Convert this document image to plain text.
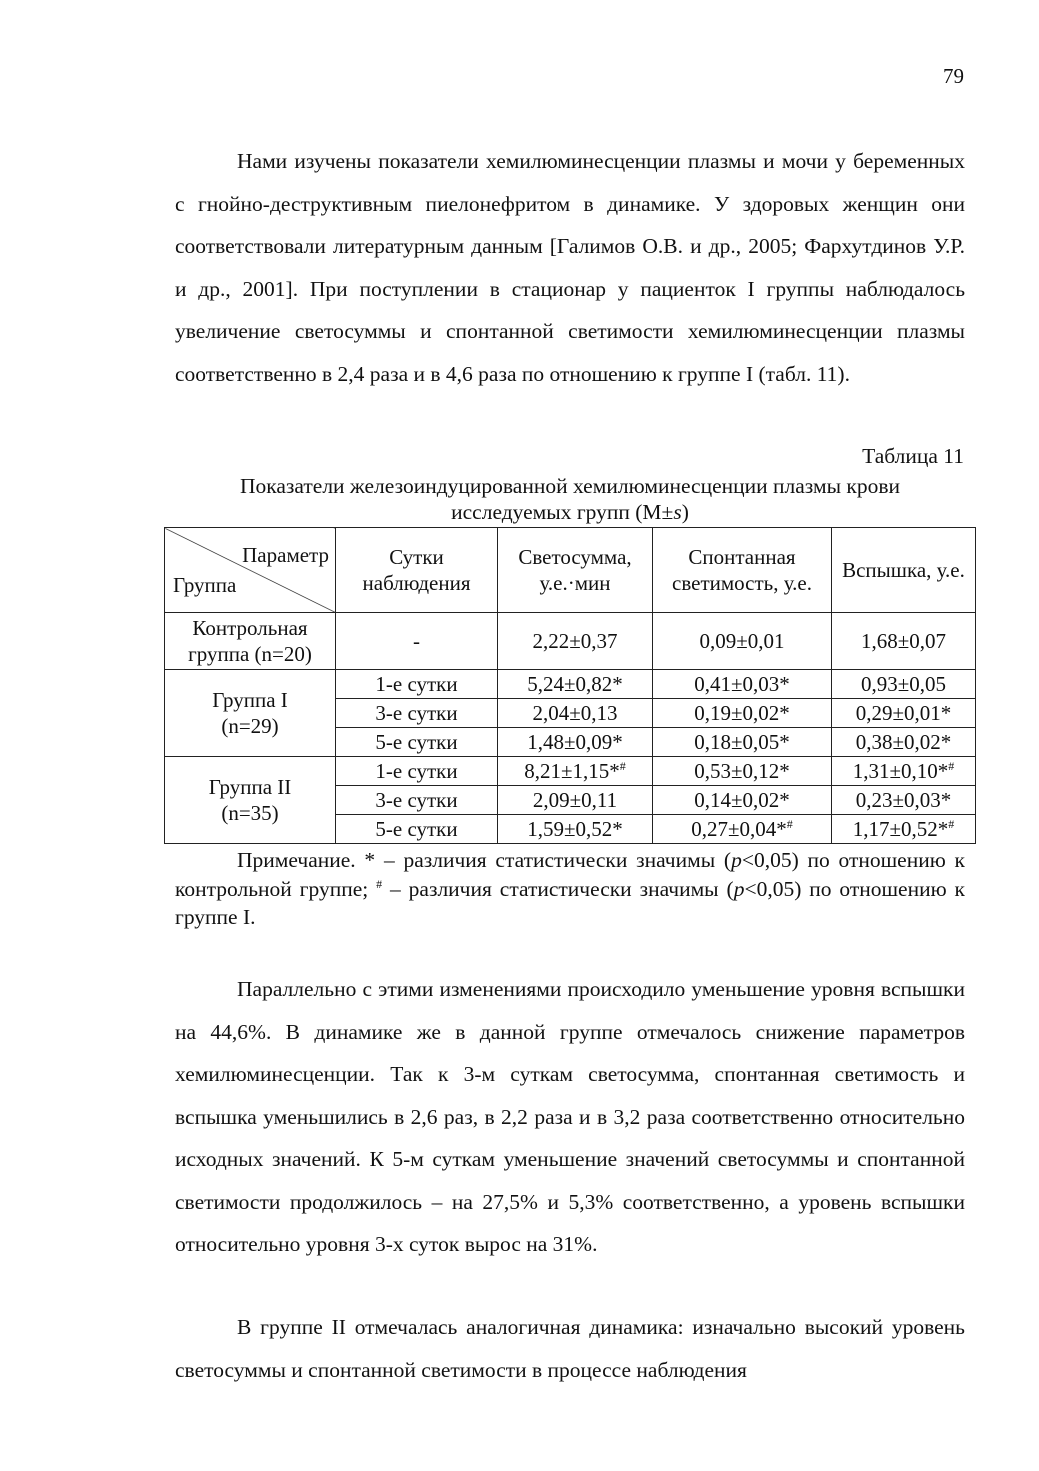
79

Нами изучены показатели хемилюминесценции плазмы и мочи у беременных с гнойно-деструктивным пиелонефритом в динамике. У здоровых женщин они соответствовали литературным данным [Галимов О.В. и др., 2005; Фархутдинов У.Р. и др., 2001]. При поступлении в стационар у пациенток I группы наблюдалось увеличение светосуммы и спонтанной светимости хемилюминесценции плазмы соответственно в 2,4 раза и в 4,6 раза по отношению к группе I (табл. 11).

Таблица 11
Показатели железоиндуцированной хемилюминесценции плазмы крови
исследуемых групп (М±s)
Параметр
Группа	Сутки наблюдения	Светосумма, у.е.·мин	Спонтанная светимость, у.е.	Вспышка, у.е.
Контрольная группа (n=20)	-	2,22±0,37	0,09±0,01	1,68±0,07
Группа I
(n=29)	1-е сутки	5,24±0,82*	0,41±0,03*	0,93±0,05
	3-е сутки	2,04±0,13	0,19±0,02*	0,29±0,01*
	5-е сутки	1,48±0,09*	0,18±0,05*	0,38±0,02*
Группа II
(n=35)	1-е сутки	8,21±1,15*#	0,53±0,12*	1,31±0,10*#
	3-е сутки	2,09±0,11	0,14±0,02*	0,23±0,03*
	5-е сутки	1,59±0,52*	0,27±0,04*#	1,17±0,52*#

Примечание. * – различия статистически значимы (p<0,05) по отношению к контрольной группе; # – различия статистически значимы (p<0,05) по отношению к группе I.

Параллельно с этими изменениями происходило уменьшение уровня вспышки на 44,6%. В динамике же в данной группе отмечалось снижение параметров хемилюминесценции. Так к 3-м суткам светосумма, спонтанная светимость и вспышка уменьшились в 2,6 раз, в 2,2 раза и в 3,2 раза соответственно относительно исходных значений. К 5-м суткам уменьшение значений светосуммы и спонтанной светимости продолжилось – на 27,5% и 5,3% соответственно, а уровень вспышки относительно уровня 3-х суток вырос на 31%.

В группе II отмечалась аналогичная динамика: изначально высокий уровень светосуммы и спонтанной светимости в процессе наблюдения
